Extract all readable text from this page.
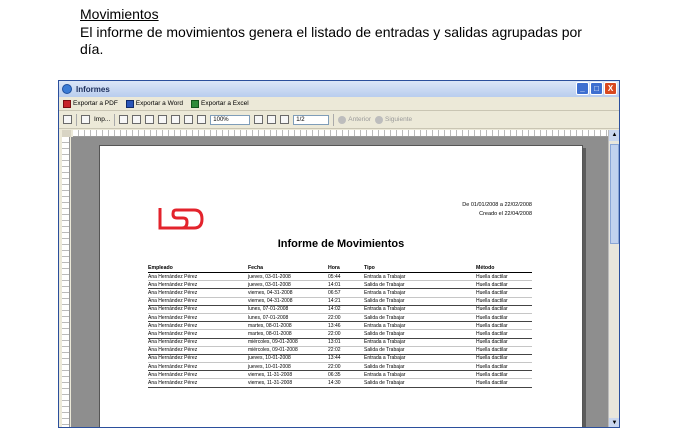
Movimientos
El informe de movimientos genera el listado de entradas y salidas agrupadas por día.
Informes	_	□	X
Exportar a PDF	Exportar a Word	Exportar a Excel
Imp...	100%	1/2	Anterior Siguiente
De 01/01/2008 a 22/02/2008
Creado el 22/04/2008
Informe de Movimientos
Empleado	Fecha	Hora	Tipo	Método
Ana Hernández Pérez	jueves, 03-01-2008	05:44	Entrada a Trabajar	Huella dactilar
Ana Hernández Pérez	jueves, 03-01-2008	14:01	Salida de Trabajar	Huella dactilar
Ana Hernández Pérez	viernes, 04-31-2008	06:57	Entrada a Trabajar	Huella dactilar
Ana Hernández Pérez	viernes, 04-31-2008	14:21	Salida de Trabajar	Huella dactilar
Ana Hernández Pérez	lunes, 07-01-2008	14:02	Entrada a Trabajar	Huella dactilar
Ana Hernández Pérez	lunes, 07-01-2008	22:00	Salida de Trabajar	Huella dactilar
Ana Hernández Pérez	martes, 08-01-2008	13:46	Entrada a Trabajar	Huella dactilar
Ana Hernández Pérez	martes, 08-01-2008	22:00	Salida de Trabajar	Huella dactilar
Ana Hernández Pérez	miércoles, 09-01-2008	13:01	Entrada a Trabajar	Huella dactilar
Ana Hernández Pérez	miércoles, 09-01-2008	22:02	Salida de Trabajar	Huella dactilar
Ana Hernández Pérez	jueves, 10-01-2008	13:44	Entrada a Trabajar	Huella dactilar
Ana Hernández Pérez	jueves, 10-01-2008	22:00	Salida de Trabajar	Huella dactilar
Ana Hernández Pérez	viernes, 11-31-2008	06:35	Entrada a Trabajar	Huella dactilar
Ana Hernández Pérez	viernes, 11-31-2008	14:30	Salida de Trabajar	Huella dactilar
▲
▼
